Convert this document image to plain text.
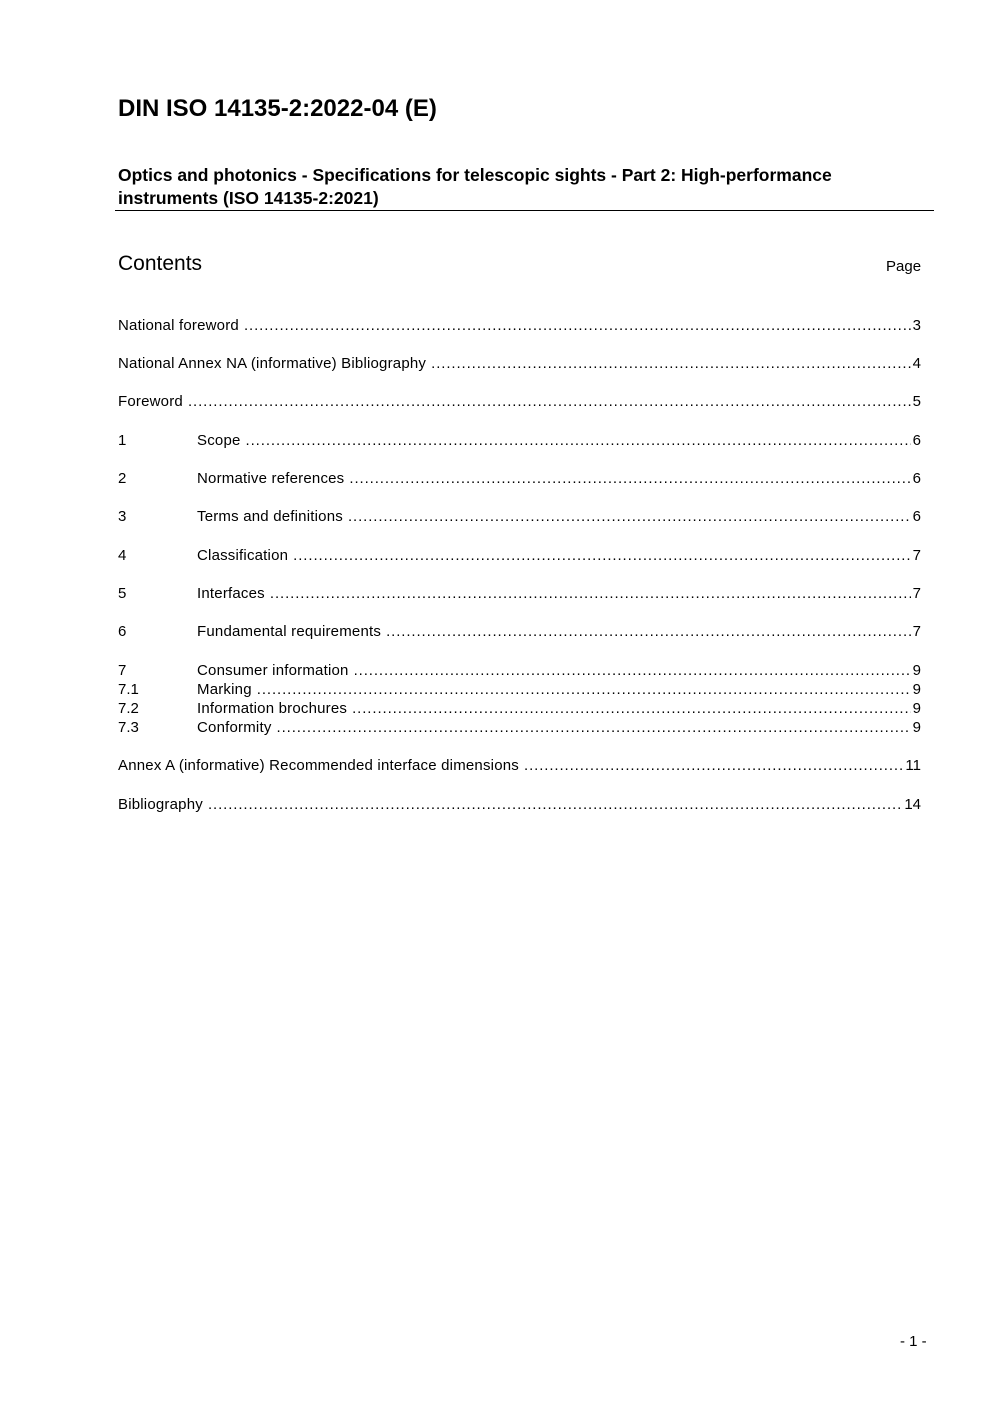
DIN ISO 14135-2:2022-04 (E)
Optics and photonics - Specifications for telescopic sights - Part 2: High-performance instruments (ISO 14135-2:2021)
Contents	Page
National foreword .....	3
National Annex NA (informative) Bibliography .....	4
Foreword .....	5
1	Scope .....	6
2	Normative references .....	6
3	Terms and definitions .....	6
4	Classification .....	7
5	Interfaces .....	7
6	Fundamental requirements .....	7
7	Consumer information .....	9
7.1	Marking .....	9
7.2	Information brochures .....	9
7.3	Conformity .....	9
Annex A (informative) Recommended interface dimensions .....	11
Bibliography .....	14
- 1 -
